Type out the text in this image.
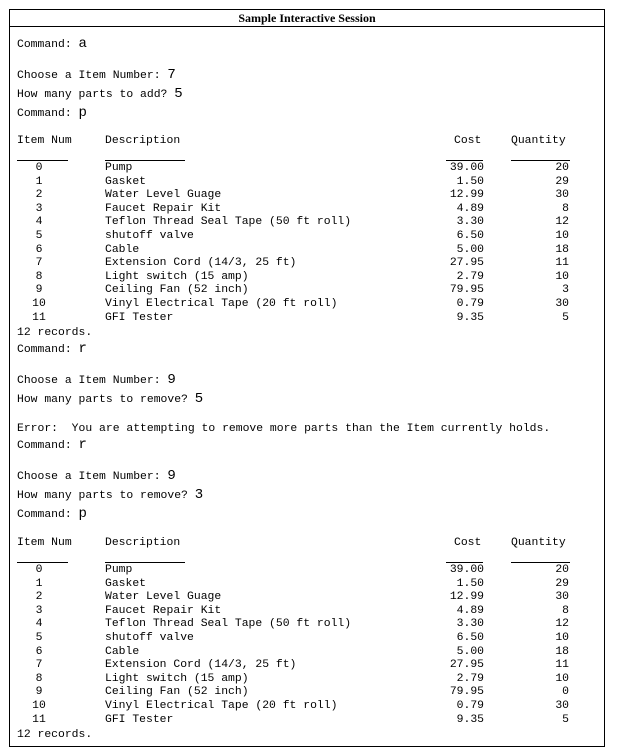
Sample Interactive Session
Command: a
Choose a Item Number: 7
How many parts to add? 5
Command: p
Item Num	Description	Cost	Quantity
0	Pump	39.00	20
1	Gasket	1.50	29
2	Water Level Guage	12.99	30
3	Faucet Repair Kit	4.89	8
4	Teflon Thread Seal Tape (50 ft roll)	3.30	12
5	shutoff valve	6.50	10
6	Cable	5.00	18
7	Extension Cord (14/3, 25 ft)	27.95	11
8	Light switch (15 amp)	2.79	10
9	Ceiling Fan (52 inch)	79.95	3
10	Vinyl Electrical Tape (20 ft roll)	0.79	30
11	GFI Tester	9.35	5
12 records.
Command: r
Choose a Item Number: 9
How many parts to remove? 5
Error:  You are attempting to remove more parts than the Item currently holds.
Command: r
Choose a Item Number: 9
How many parts to remove? 3
Command: p
Item Num	Description	Cost	Quantity
0	Pump	39.00	20
1	Gasket	1.50	29
2	Water Level Guage	12.99	30
3	Faucet Repair Kit	4.89	8
4	Teflon Thread Seal Tape (50 ft roll)	3.30	12
5	shutoff valve	6.50	10
6	Cable	5.00	18
7	Extension Cord (14/3, 25 ft)	27.95	11
8	Light switch (15 amp)	2.79	10
9	Ceiling Fan (52 inch)	79.95	0
10	Vinyl Electrical Tape (20 ft roll)	0.79	30
11	GFI Tester	9.35	5
12 records.
